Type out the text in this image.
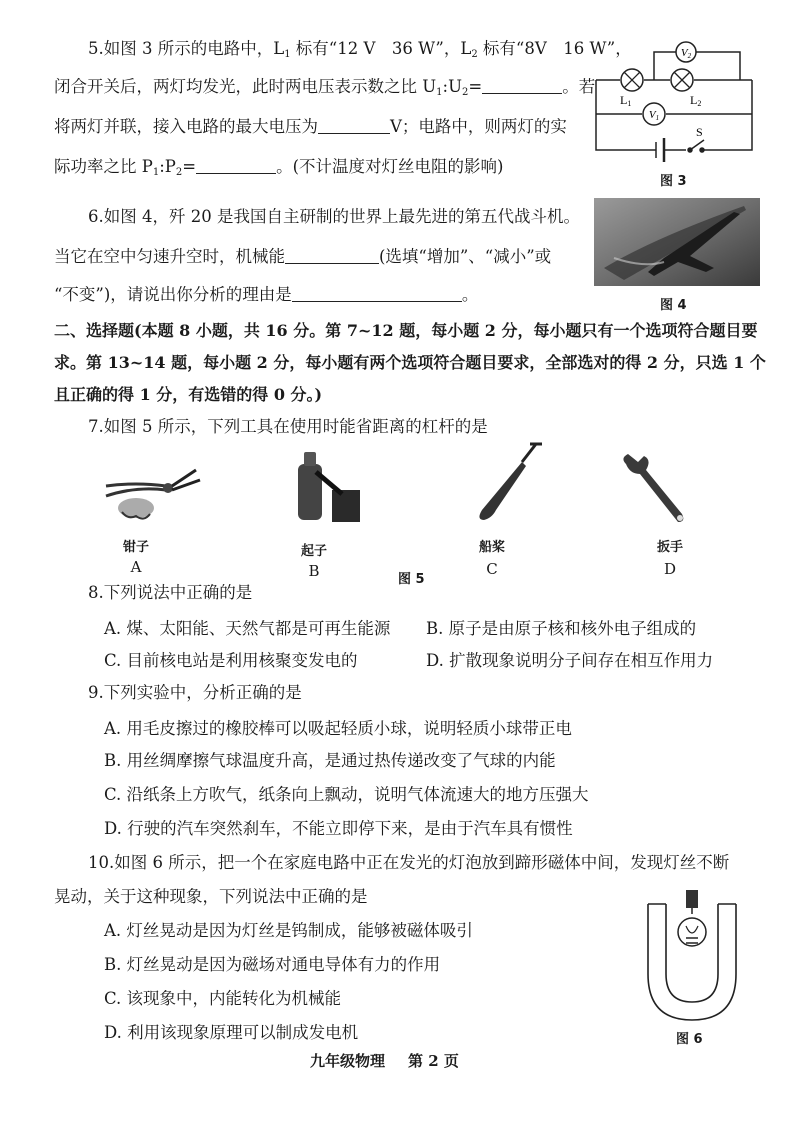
5.如图 3 所示的电路中，$L_1$ 标有“12 V　36 W”，$L_2$ 标有“8V　16 W”，
闭合开关后，两灯均发光，此时两电压表示数之比 $U_1:U_2=$	。若
将两灯并联，接入电路的最大电压为	V；电路中，则两灯的实
际功率之比 $P_1:P_2=$	。(不计温度对灯丝电阻的影响)
V2
V1
L1	L2
S
图 3
6.如图 4，歼 20 是我国自主研制的世界上最先进的第五代战斗机。
当它在空中匀速升空时，机械能	(选填“增加”、“减小”或
“不变”)，请说出你分析的理由是	。
图 4
二、选择题(本题 8 小题，共 16 分。第 7~12 题，每小题 2 分，每小题只有一个选项符合题目要
求。第 13~14 题，每小题 2 分，每小题有两个选项符合题目要求，全部选对的得 2 分，只选 1 个
且正确的得 1 分，有选错的得 0 分。)
7.如图 5 所示，下列工具在使用时能省距离的杠杆的是
钳子
A
起子
B
船桨
C
扳手
D
图 5
8.下列说法中正确的是
A. 煤、太阳能、天然气都是可再生能源 B. 原子是由原子核和核外电子组成的
C. 目前核电站是利用核聚变发电的	D. 扩散现象说明分子间存在相互作用力
9.下列实验中，分析正确的是
A. 用毛皮擦过的橡胶棒可以吸起轻质小球，说明轻质小球带正电
B. 用丝绸摩擦气球温度升高，是通过热传递改变了气球的内能
C. 沿纸条上方吹气，纸条向上飘动，说明气体流速大的地方压强大
D. 行驶的汽车突然刹车，不能立即停下来，是由于汽车具有惯性
10.如图 6 所示，把一个在家庭电路中正在发光的灯泡放到蹄形磁体中间，发现灯丝不断
晃动，关于这种现象，下列说法中正确的是
A. 灯丝晃动是因为灯丝是钨制成，能够被磁体吸引
B. 灯丝晃动是因为磁场对通电导体有力的作用
C. 该现象中，内能转化为机械能
D. 利用该现象原理可以制成发电机	图 6
九年级物理 第 2 页
